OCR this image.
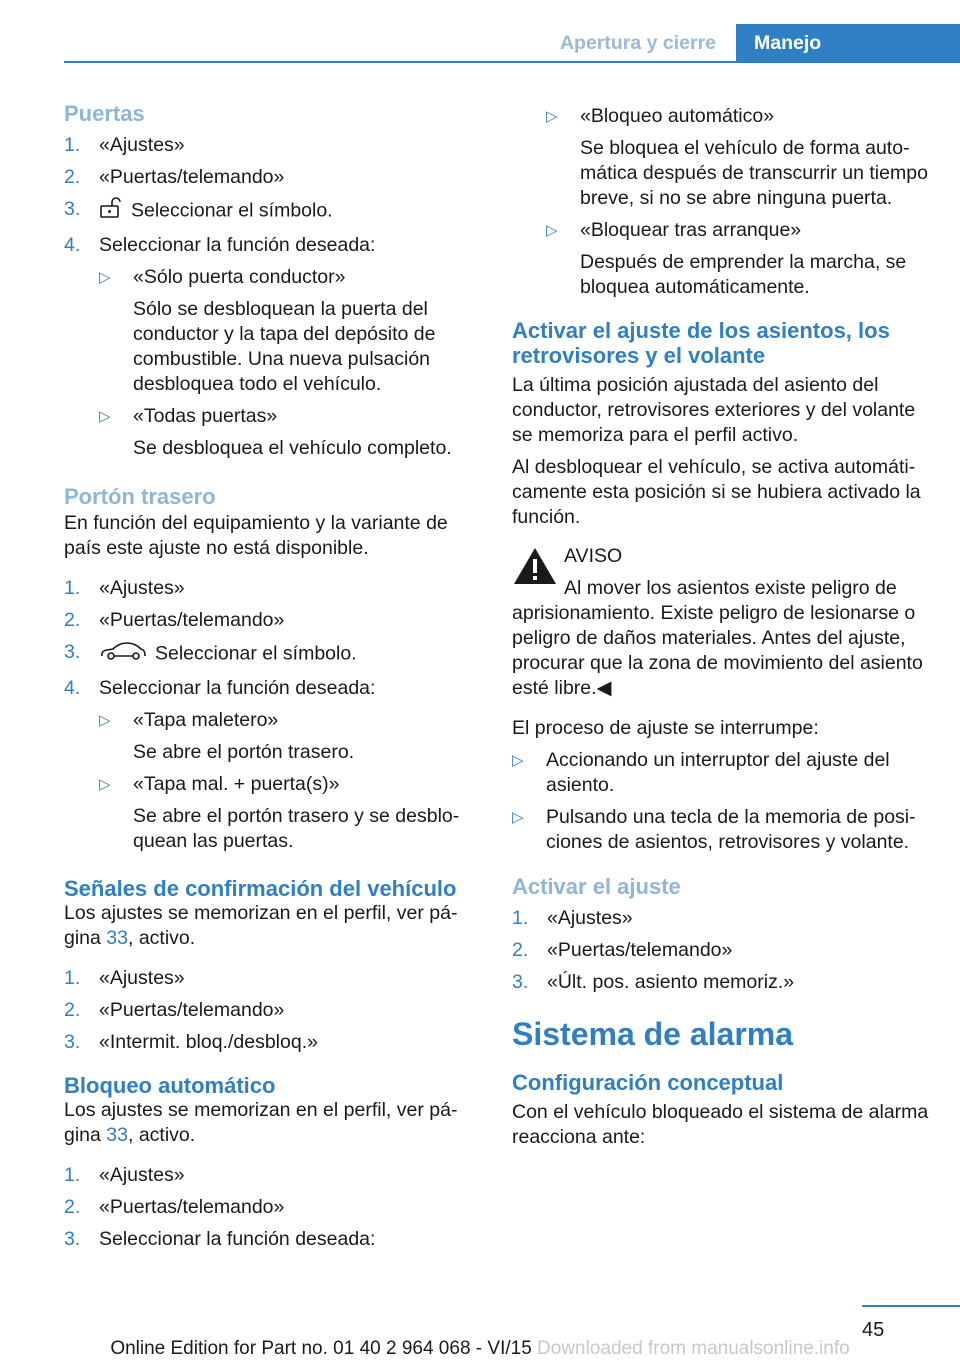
Apertura y cierre	Manejo
Puertas
1. «Ajustes»
2. «Puertas/telemando»
3.	Seleccionar el símbolo.
4. Seleccionar la función deseada:
▷ «Sólo puerta conductor»
Sólo se desbloquean la puerta del conductor y la tapa del depósito de combustible. Una nueva pulsación desbloquea todo el vehículo.
▷ «Todas puertas»
Se desbloquea el vehículo completo.
Portón trasero

En función del equipamiento y la variante de país este ajuste no está disponible.

1. «Ajustes»
2. «Puertas/telemando»
3.	Seleccionar el símbolo.
4. Seleccionar la función deseada:
▷ «Tapa maletero»
Se abre el portón trasero.
▷ «Tapa mal. + puerta(s)»
Se abre el portón trasero y se desbloquean las puertas.
Señales de confirmación del vehículo

Los ajustes se memorizan en el perfil, ver página 33, activo.

1. «Ajustes»
2. «Puertas/telemando»
3. «Intermit. bloq./desbloq.»
Bloqueo automático

Los ajustes se memorizan en el perfil, ver página 33, activo.

1. «Ajustes»
2. «Puertas/telemando»
3. Seleccionar la función deseada:
▷ «Bloqueo automático»
Se bloquea el vehículo de forma automática después de transcurrir un tiempo breve, si no se abre ninguna puerta.
▷ «Bloquear tras arranque»
Después de emprender la marcha, se bloquea automáticamente.
Activar el ajuste de los asientos, los retrovisores y el volante

La última posición ajustada del asiento del conductor, retrovisores exteriores y del volante se memoriza para el perfil activo.

Al desbloquear el vehículo, se activa automáticamente esta posición si se hubiera activado la función.

AVISO
Al mover los asientos existe peligro de
aprisionamiento. Existe peligro de lesionarse o peligro de daños materiales. Antes del ajuste, procurar que la zona de movimiento del asiento esté libre.◀

El proceso de ajuste se interrumpe:

▷ Accionando un interruptor del ajuste del asiento.
▷ Pulsando una tecla de la memoria de posiciones de asientos, retrovisores y volante.
Activar el ajuste
1. «Ajustes»
2. «Puertas/telemando»
3. «Últ. pos. asiento memoriz.»
Sistema de alarma
Configuración conceptual

Con el vehículo bloqueado el sistema de alarma reacciona ante:

45
Online Edition for Part no. 01 40 2 964 068 - VI/15 Downloaded from manualsonline.info
